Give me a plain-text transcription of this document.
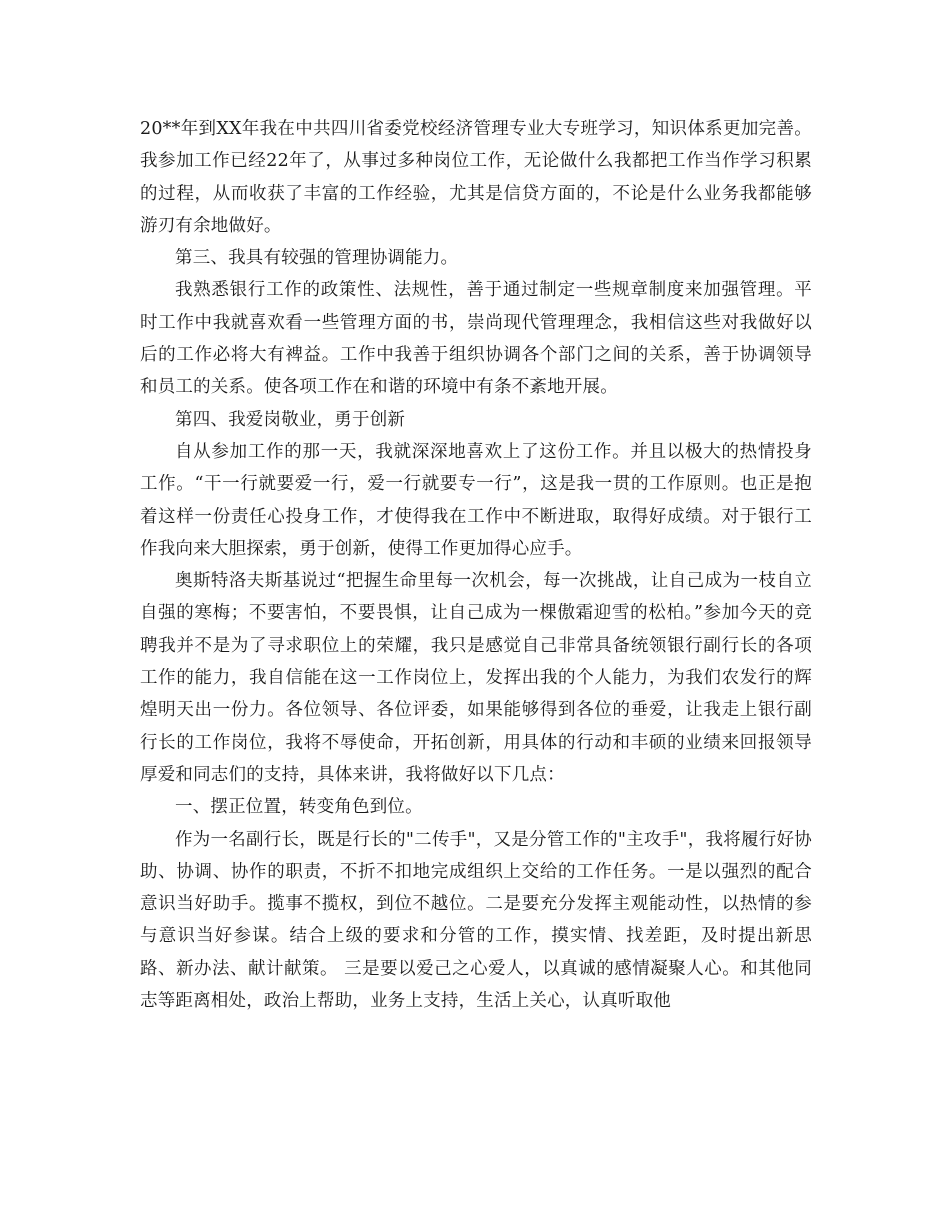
20**年到XX年我在中共四川省委党校经济管理专业大专班学习，知识体系更加完善。我参加工作已经22年了，从事过多种岗位工作，无论做什么我都把工作当作学习积累的过程，从而收获了丰富的工作经验，尤其是信贷方面的，不论是什么业务我都能够游刃有余地做好。

第三、我具有较强的管理协调能力。

我熟悉银行工作的政策性、法规性，善于通过制定一些规章制度来加强管理。平时工作中我就喜欢看一些管理方面的书，崇尚现代管理理念，我相信这些对我做好以后的工作必将大有裨益。工作中我善于组织协调各个部门之间的关系，善于协调领导和员工的关系。使各项工作在和谐的环境中有条不紊地开展。

第四、我爱岗敬业，勇于创新

自从参加工作的那一天，我就深深地喜欢上了这份工作。并且以极大的热情投身工作。“干一行就要爱一行，爱一行就要专一行”，这是我一贯的工作原则。也正是抱着这样一份责任心投身工作，才使得我在工作中不断进取，取得好成绩。对于银行工作我向来大胆探索，勇于创新，使得工作更加得心应手。

奥斯特洛夫斯基说过“把握生命里每一次机会，每一次挑战，让自己成为一枝自立自强的寒梅；不要害怕，不要畏惧，让自己成为一棵傲霜迎雪的松柏。”参加今天的竞聘我并不是为了寻求职位上的荣耀，我只是感觉自己非常具备统领银行副行长的各项工作的能力，我自信能在这一工作岗位上，发挥出我的个人能力，为我们农发行的辉煌明天出一份力。各位领导、各位评委，如果能够得到各位的垂爱，让我走上银行副行长的工作岗位，我将不辱使命，开拓创新，用具体的行动和丰硕的业绩来回报领导厚爱和同志们的支持，具体来讲，我将做好以下几点：

一、摆正位置，转变角色到位。

作为一名副行长，既是行长的"二传手"，又是分管工作的"主攻手"，我将履行好协助、协调、协作的职责，不折不扣地完成组织上交给的工作任务。一是以强烈的配合意识当好助手。揽事不揽权，到位不越位。二是要充分发挥主观能动性，以热情的参与意识当好参谋。结合上级的要求和分管的工作，摸实情、找差距，及时提出新思路、新办法、献计献策。 三是要以爱己之心爱人，以真诚的感情凝聚人心。和其他同志等距离相处，政治上帮助，业务上支持，生活上关心，认真听取他
